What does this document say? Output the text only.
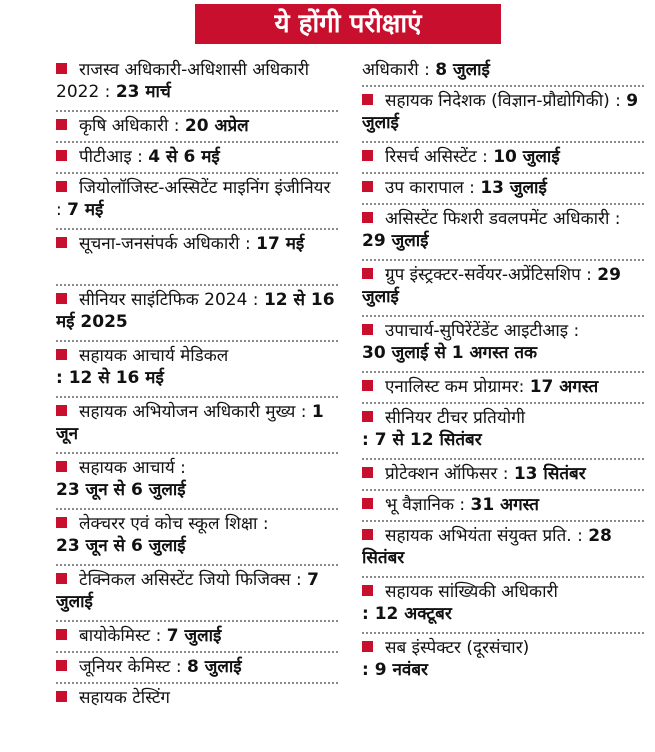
ये होंगी परीक्षाएं
राजस्व अधिकारी-अधिशासी अधिकारी 2022 : 23 मार्च
कृषि अधिकारी : 20 अप्रेल
पीटीआइ : 4 से 6 मई
जियोलॉजिस्ट-अस्सिटेंट माइनिंग इंजीनियर : 7 मई
सूचना-जनसंपर्क अधिकारी : 17 मई
सीनियर साइंटिफिक 2024 : 12 से 16 मई 2025
सहायक आचार्य मेडिकल
: 12 से 16 मई
सहायक अभियोजन अधिकारी मुख्य : 1 जून
सहायक आचार्य :
23 जून से 6 जुलाई
लेक्चरर एवं कोच स्कूल शिक्षा :
23 जून से 6 जुलाई
टेक्निकल असिस्टेंट जियो फिजिक्स : 7 जुलाई
बायोकेमिस्ट : 7 जुलाई
जूनियर केमिस्ट : 8 जुलाई
सहायक टेस्टिंग
अधिकारी : 8 जुलाई
सहायक निदेशक (विज्ञान-प्रौद्योगिकी) : 9 जुलाई
रिसर्च असिस्टेंट : 10 जुलाई
उप कारापाल : 13 जुलाई
असिस्टेंट फिशरी डवलपमेंट अधिकारी : 29 जुलाई
ग्रुप इंस्ट्रक्टर-सर्वेयर-अप्रेंटिसशिप : 29 जुलाई
उपाचार्य-सुपिरेंटेंडेंट आइटीआइ :
30 जुलाई से 1 अगस्त तक
एनालिस्ट कम प्रोग्रामर: 17 अगस्त
सीनियर टीचर प्रतियोगी
: 7 से 12 सितंबर
प्रोटेक्शन ऑफिसर : 13 सितंबर
भू वैज्ञानिक : 31 अगस्त
सहायक अभियंता संयुक्त प्रति. : 28 सितंबर
सहायक सांख्यिकी अधिकारी
: 12 अक्टूबर
सब इंस्पेक्टर (दूरसंचार)
: 9 नवंबर
